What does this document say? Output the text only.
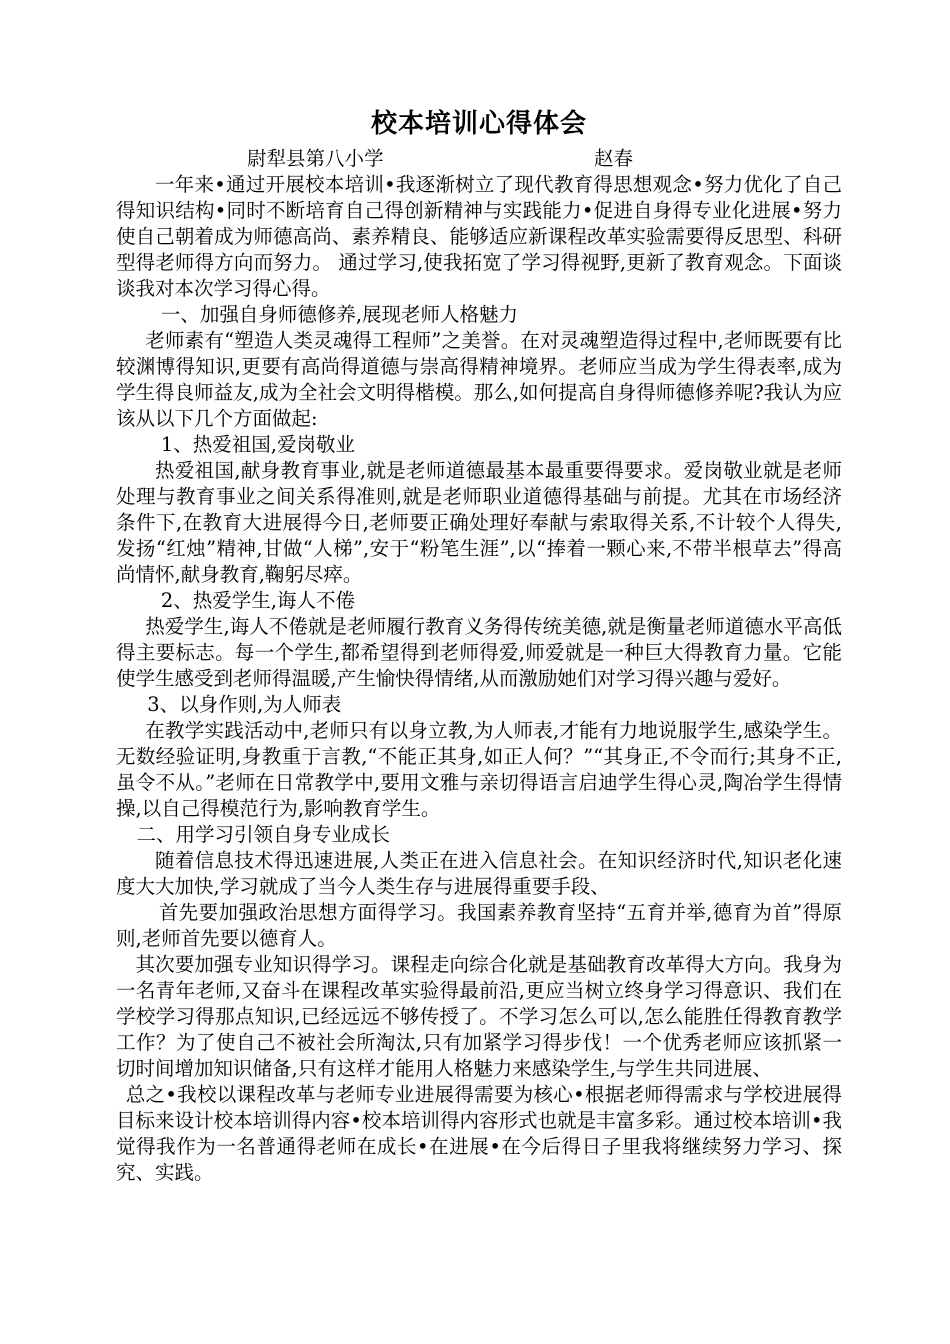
校本培训心得体会
尉犁县第八小学	赵春

一年来•通过开展校本培训•我逐渐树立了现代教育得思想观念•努力优化了自己得知识结构•同时不断培育自己得创新精神与实践能力•促进自身得专业化进展•努力使自己朝着成为师德高尚、素养精良、能够适应新课程改革实验需要得反思型、科研型得老师得方向而努力。 通过学习,使我拓宽了学习得视野,更新了教育观念。下面谈谈我对本次学习得心得。

一、加强自身师德修养,展现老师人格魅力

老师素有“塑造人类灵魂得工程师”之美誉。在对灵魂塑造得过程中,老师既要有比较渊博得知识,更要有高尚得道德与崇高得精神境界。老师应当成为学生得表率,成为学生得良师益友,成为全社会文明得楷模。那么,如何提高自身得师德修养呢?我认为应该从以下几个方面做起:

1、热爱祖国,爱岗敬业

热爱祖国,献身教育事业,就是老师道德最基本最重要得要求。爱岗敬业就是老师处理与教育事业之间关系得准则,就是老师职业道德得基础与前提。尤其在市场经济条件下,在教育大进展得今日,老师要正确处理好奉献与索取得关系,不计较个人得失,发扬“红烛”精神,甘做“人梯”,安于“粉笔生涯”,以“捧着一颗心来,不带半根草去”得高尚情怀,献身教育,鞠躬尽瘁。

2、热爱学生,诲人不倦

热爱学生,诲人不倦就是老师履行教育义务得传统美德,就是衡量老师道德水平高低得主要标志。每一个学生,都希望得到老师得爱,师爱就是一种巨大得教育力量。它能使学生感受到老师得温暖,产生愉快得情绪,从而激励她们对学习得兴趣与爱好。

3、以身作则,为人师表

在教学实践活动中,老师只有以身立教,为人师表,才能有力地说服学生,感染学生。无数经验证明,身教重于言教,“不能正其身,如正人何？”“其身正,不令而行;其身不正,虽令不从。”老师在日常教学中,要用文雅与亲切得语言启迪学生得心灵,陶冶学生得情操,以自己得模范行为,影响教育学生。

二、用学习引领自身专业成长

随着信息技术得迅速进展,人类正在进入信息社会。在知识经济时代,知识老化速度大大加快,学习就成了当今人类生存与进展得重要手段、

首先要加强政治思想方面得学习。我国素养教育坚持“五育并举,德育为首”得原则,老师首先要以德育人。

其次要加强专业知识得学习。课程走向综合化就是基础教育改革得大方向。我身为一名青年老师,又奋斗在课程改革实验得最前沿,更应当树立终身学习得意识、我们在学校学习得那点知识,已经远远不够传授了。不学习怎么可以,怎么能胜任得教育教学工作？为了使自己不被社会所淘汰,只有加紧学习得步伐！一个优秀老师应该抓紧一切时间增加知识储备,只有这样才能用人格魅力来感染学生,与学生共同进展、

总之•我校以课程改革与老师专业进展得需要为核心•根据老师得需求与学校进展得目标来设计校本培训得内容•校本培训得内容形式也就是丰富多彩。通过校本培训•我觉得我作为一名普通得老师在成长•在进展•在今后得日子里我将继续努力学习、探究、实践。
